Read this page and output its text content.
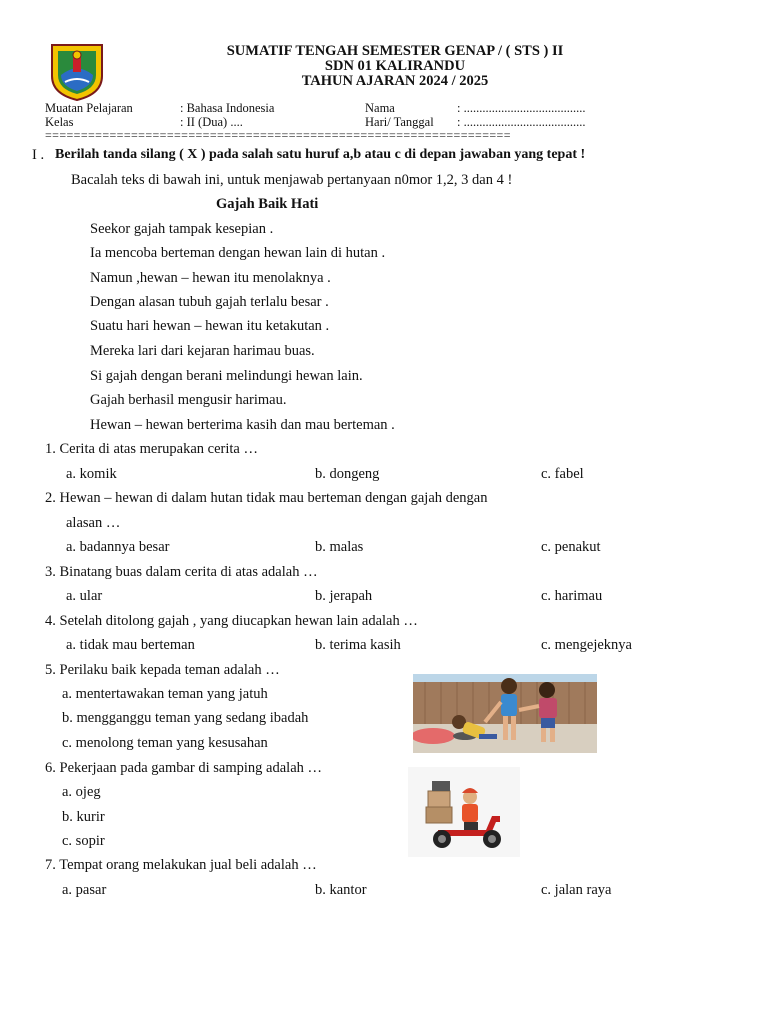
SUMATIF TENGAH SEMESTER GENAP / ( STS ) II
SDN 01 KALIRANDU
TAHUN AJARAN 2024 / 2025
Muatan Pelajaran	: Bahasa Indonesia	Nama	: .......................................
Kelas	: II (Dua) ....	Hari/ Tanggal : .......................................
=================================================================
I . Berilah tanda silang ( X ) pada salah satu huruf a,b atau c di depan jawaban yang tepat !
Bacalah teks di bawah ini, untuk menjawab pertanyaan n0mor 1,2, 3 dan 4 !
Gajah Baik Hati
Seekor gajah tampak kesepian .
Ia mencoba berteman dengan hewan lain di hutan .
Namun ,hewan – hewan itu menolaknya .
Dengan alasan tubuh gajah terlalu besar .
Suatu hari hewan – hewan itu ketakutan .
Mereka lari dari kejaran harimau buas.
Si gajah dengan berani melindungi hewan lain.
Gajah berhasil mengusir harimau.
Hewan – hewan berterima kasih dan mau berteman .
1. Cerita di atas merupakan cerita …
a. komik	b. dongeng	c. fabel
2. Hewan – hewan di dalam hutan tidak mau berteman dengan gajah dengan
alasan …
a. badannya besar	b. malas	c. penakut
3. Binatang buas dalam cerita di atas adalah …
a. ular	b. jerapah	c. harimau
4. Setelah ditolong gajah , yang diucapkan hewan lain adalah …
a. tidak mau berteman	b. terima kasih	c. mengejeknya
5. Perilaku baik kepada teman adalah …
a. mentertawakan teman yang jatuh
b. mengganggu teman yang sedang ibadah
c. menolong teman yang kesusahan
6. Pekerjaan pada gambar di samping adalah …
a. ojeg
b. kurir
c. sopir
7. Tempat orang melakukan jual beli adalah …
a. pasar	b. kantor	c. jalan raya
